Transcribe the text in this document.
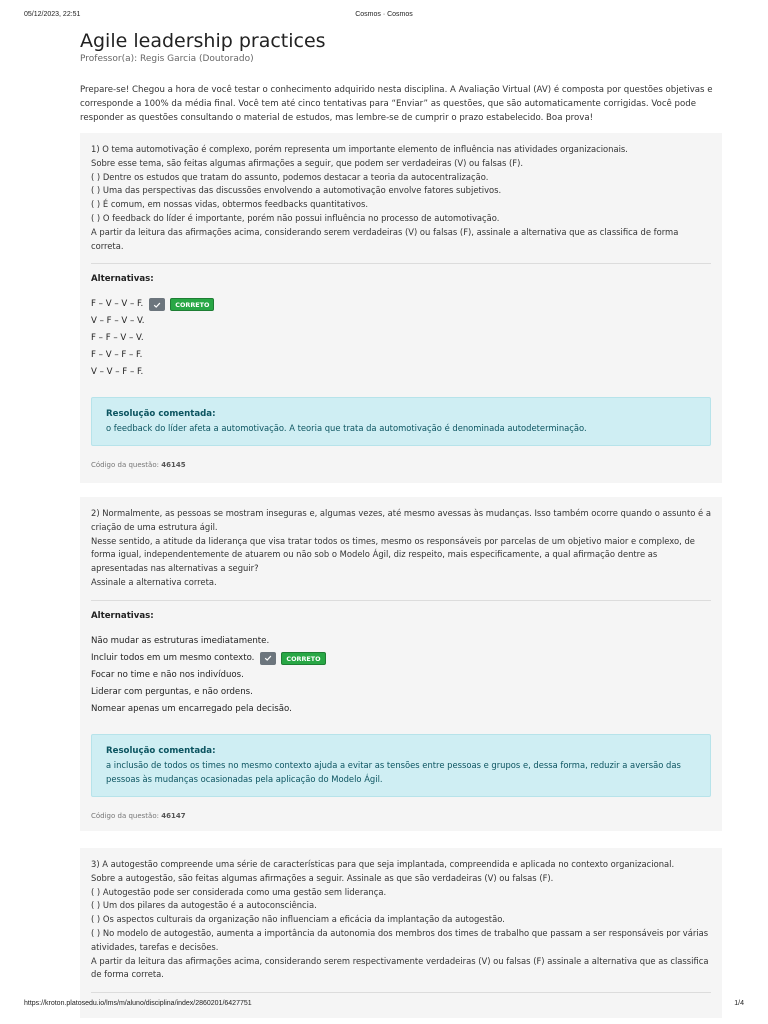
05/12/2023, 22:51	Cosmos · Cosmos
Agile leadership practices
Professor(a): Regis Garcia (Doutorado)

Prepare-se! Chegou a hora de você testar o conhecimento adquirido nesta disciplina. A Avaliação Virtual (AV) é composta por questões objetivas e corresponde a 100% da média final. Você tem até cinco tentativas para “Enviar” as questões, que são automaticamente corrigidas. Você pode responder as questões consultando o material de estudos, mas lembre-se de cumprir o prazo estabelecido. Boa prova!

1) O tema automotivação é complexo, porém representa um importante elemento de influência nas atividades organizacionais.
Sobre esse tema, são feitas algumas afirmações a seguir, que podem ser verdadeiras (V) ou falsas (F).
( ) Dentre os estudos que tratam do assunto, podemos destacar a teoria da autocentralização.
( ) Uma das perspectivas das discussões envolvendo a automotivação envolve fatores subjetivos.
( ) É comum, em nossas vidas, obtermos feedbacks quantitativos.
( ) O feedback do líder é importante, porém não possui influência no processo de automotivação.
A partir da leitura das afirmações acima, considerando serem verdadeiras (V) ou falsas (F), assinale a alternativa que as classifica de forma correta.
Alternativas:
F – V – V – F.	CORRETO
V – F – V – V.
F – F – V – V.
F – V – F – F.
V – V – F – F.
Resolução comentada:
o feedback do líder afeta a automotivação. A teoria que trata da automotivação é denominada autodeterminação.
Código da questão: 46145
2) Normalmente, as pessoas se mostram inseguras e, algumas vezes, até mesmo avessas às mudanças. Isso também ocorre quando o assunto é a criação de uma estrutura ágil.
Nesse sentido, a atitude da liderança que visa tratar todos os times, mesmo os responsáveis por parcelas de um objetivo maior e complexo, de forma igual, independentemente de atuarem ou não sob o Modelo Ágil, diz respeito, mais especificamente, a qual afirmação dentre as apresentadas nas alternativas a seguir?
Assinale a alternativa correta.
Alternativas:
Não mudar as estruturas imediatamente.
Incluir todos em um mesmo contexto.	CORRETO
Focar no time e não nos indivíduos.
Liderar com perguntas, e não ordens.
Nomear apenas um encarregado pela decisão.
Resolução comentada:
a inclusão de todos os times no mesmo contexto ajuda a evitar as tensões entre pessoas e grupos e, dessa forma, reduzir a aversão das pessoas às mudanças ocasionadas pela aplicação do Modelo Ágil.
Código da questão: 46147
3) A autogestão compreende uma série de características para que seja implantada, compreendida e aplicada no contexto organizacional.
Sobre a autogestão, são feitas algumas afirmações a seguir. Assinale as que são verdadeiras (V) ou falsas (F).
( ) Autogestão pode ser considerada como uma gestão sem liderança.
( ) Um dos pilares da autogestão é a autoconsciência.
( ) Os aspectos culturais da organização não influenciam a eficácia da implantação da autogestão.
( ) No modelo de autogestão, aumenta a importância da autonomia dos membros dos times de trabalho que passam a ser responsáveis por várias atividades, tarefas e decisões.
A partir da leitura das afirmações acima, considerando serem respectivamente verdadeiras (V) ou falsas (F) assinale a alternativa que as classifica de forma correta.
https://kroton.platosedu.io/lms/m/aluno/disciplina/index/2860201/6427751	1/4
